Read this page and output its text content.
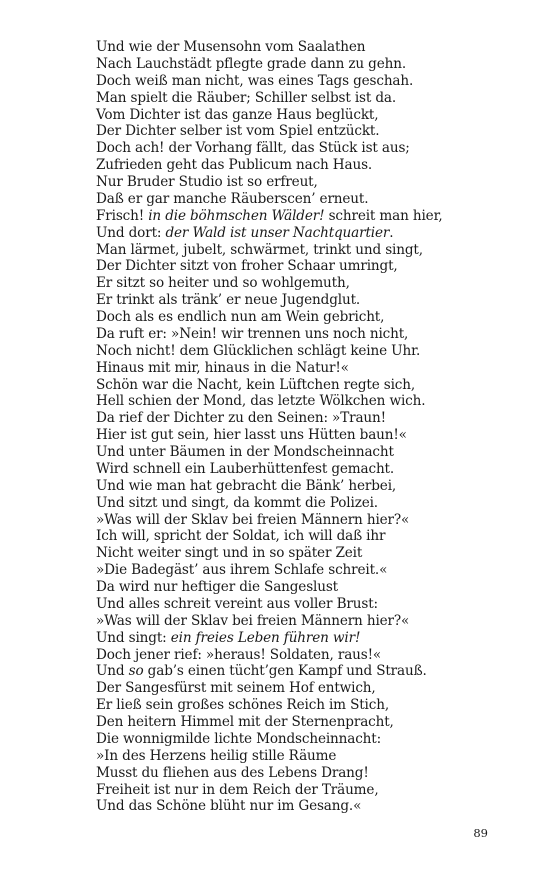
Und wie der Musensohn vom Saalathen
Nach Lauchstädt pflegte grade dann zu gehn.
Doch weiß man nicht, was eines Tags geschah.
Man spielt die Räuber; Schiller selbst ist da.
Vom Dichter ist das ganze Haus beglückt,
Der Dichter selber ist vom Spiel entzückt.
Doch ach! der Vorhang fällt, das Stück ist aus;
Zufrieden geht das Publicum nach Haus.
Nur Bruder Studio ist so erfreut,
Daß er gar manche Räuberscen’ erneut.
Frisch! in die böhmschen Wälder! schreit man hier,
Und dort: der Wald ist unser Nachtquartier.
Man lärmet, jubelt, schwärmet, trinkt und singt,
Der Dichter sitzt von froher Schaar umringt,
Er sitzt so heiter und so wohlgemuth,
Er trinkt als tränk’ er neue Jugendglut.
Doch als es endlich nun am Wein gebricht,
Da ruft er: »Nein! wir trennen uns noch nicht,
Noch nicht! dem Glücklichen schlägt keine Uhr.
Hinaus mit mir, hinaus in die Natur!«
Schön war die Nacht, kein Lüftchen regte sich,
Hell schien der Mond, das letzte Wölkchen wich.
Da rief der Dichter zu den Seinen: »Traun!
Hier ist gut sein, hier lasst uns Hütten baun!«
Und unter Bäumen in der Mondscheinnacht
Wird schnell ein Lauberhüttenfest gemacht.
Und wie man hat gebracht die Bänk’ herbei,
Und sitzt und singt, da kommt die Polizei.
»Was will der Sklav bei freien Männern hier?«
Ich will, spricht der Soldat, ich will daß ihr
Nicht weiter singt und in so später Zeit
»Die Badegäst’ aus ihrem Schlafe schreit.«
Da wird nur heftiger die Sangeslust
Und alles schreit vereint aus voller Brust:
»Was will der Sklav bei freien Männern hier?«
Und singt: ein freies Leben führen wir!
Doch jener rief: »heraus! Soldaten, raus!«
Und so gab’s einen tücht’gen Kampf und Strauß.
Der Sangesfürst mit seinem Hof entwich,
Er ließ sein großes schönes Reich im Stich,
Den heitern Himmel mit der Sternenpracht,
Die wonnigmilde lichte Mondscheinnacht:
»In des Herzens heilig stille Räume
Musst du fliehen aus des Lebens Drang!
Freiheit ist nur in dem Reich der Träume,
Und das Schöne blüht nur im Gesang.«
89
